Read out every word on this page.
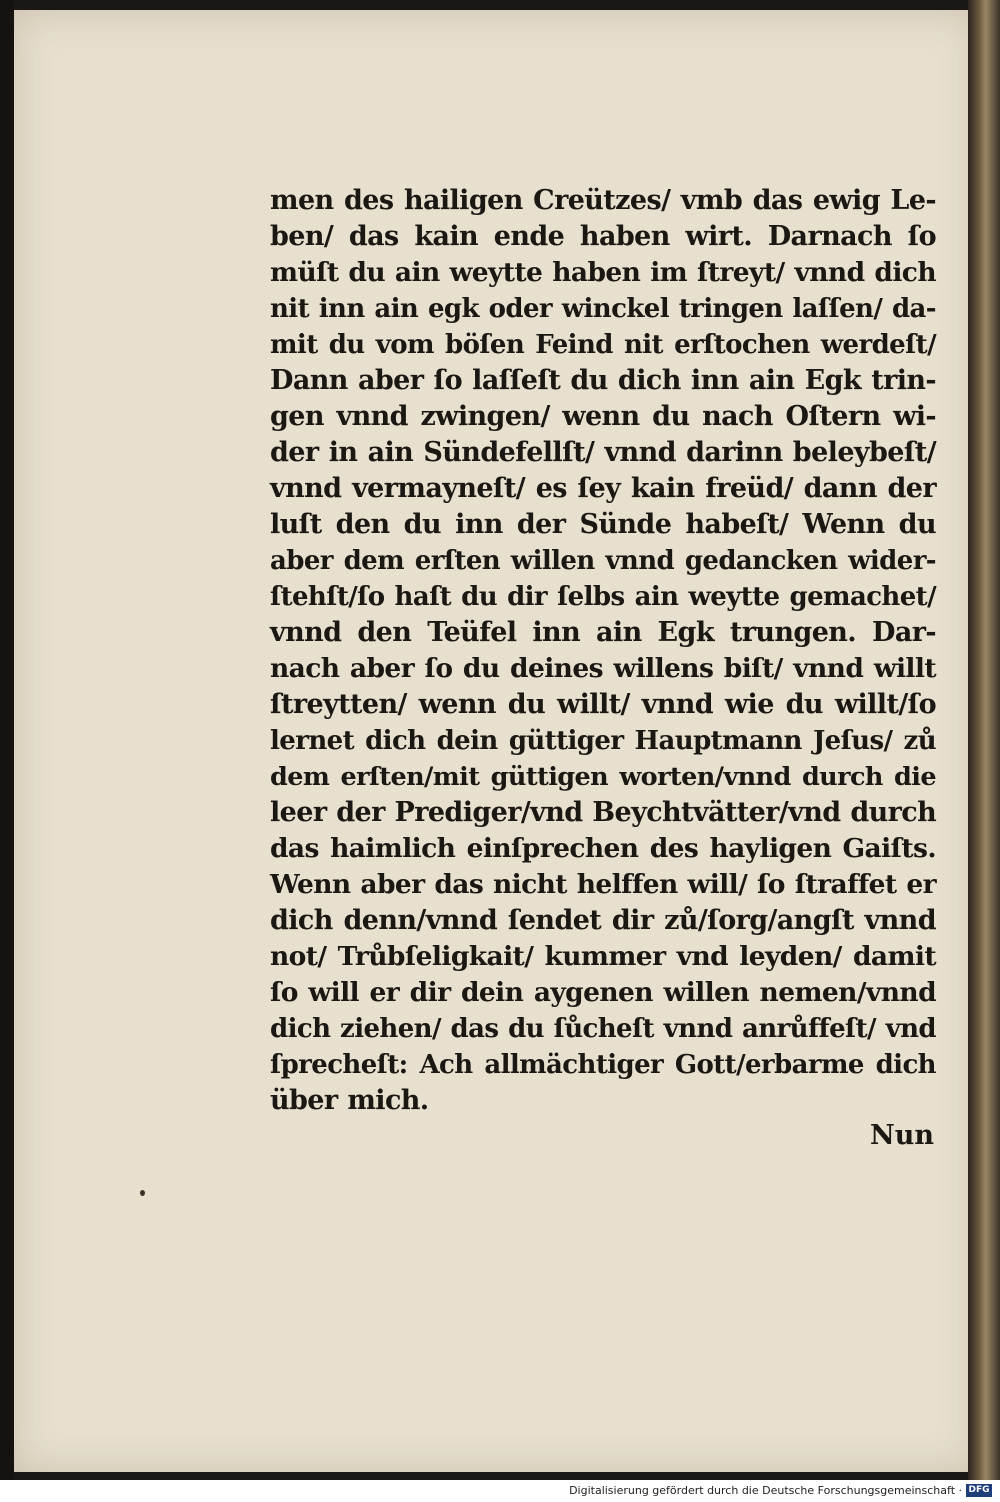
men des hailigen Creützes/ vmb das ewig Le-
ben/ das kain ende haben wirt. Darnach ſo
müſt du ain weytte haben im ſtreyt/ vnnd dich
nit inn ain egk oder winckel tringen laſſen/ da-
mit du vom böſen Feind nit erſtochen werdeſt/
Dann aber ſo laſſeſt du dich inn ain Egk trin-
gen vnnd zwingen/ wenn du nach Oſtern wi-
der in ain Sündefellſt/ vnnd darinn beleybeſt/
vnnd vermayneſt/ es ſey kain freüd/ dann der
luſt den du inn der Sünde habeſt/ Wenn du
aber dem erſten willen vnnd gedancken wider-
ſtehſt/ſo haſt du dir ſelbs ain weytte gemachet/
vnnd den Teüfel inn ain Egk trungen. Dar-
nach aber ſo du deines willens biſt/ vnnd willt
ſtreytten/ wenn du willt/ vnnd wie du willt/ſo
lernet dich dein güttiger Hauptmann Jeſus/ zů
dem erſten/mit güttigen worten/vnnd durch die
leer der Prediger/vnd Beychtvätter/vnd durch
das haimlich einſprechen des hayligen Gaiſts.
Wenn aber das nicht helffen will/ ſo ſtraffet er
dich denn/vnnd ſendet dir zů/ſorg/angſt vnnd
not/ Trůbſeligkait/ kummer vnd leyden/ damit
ſo will er dir dein aygenen willen nemen/vnnd
dich ziehen/ das du ſůcheſt vnnd anrůffeſt/ vnd
ſprecheſt: Ach allmächtiger Gott/erbarme dich
über mich.
Nun
Digitalisierung gefördert durch die Deutsche Forschungsgemeinschaft · DFG
